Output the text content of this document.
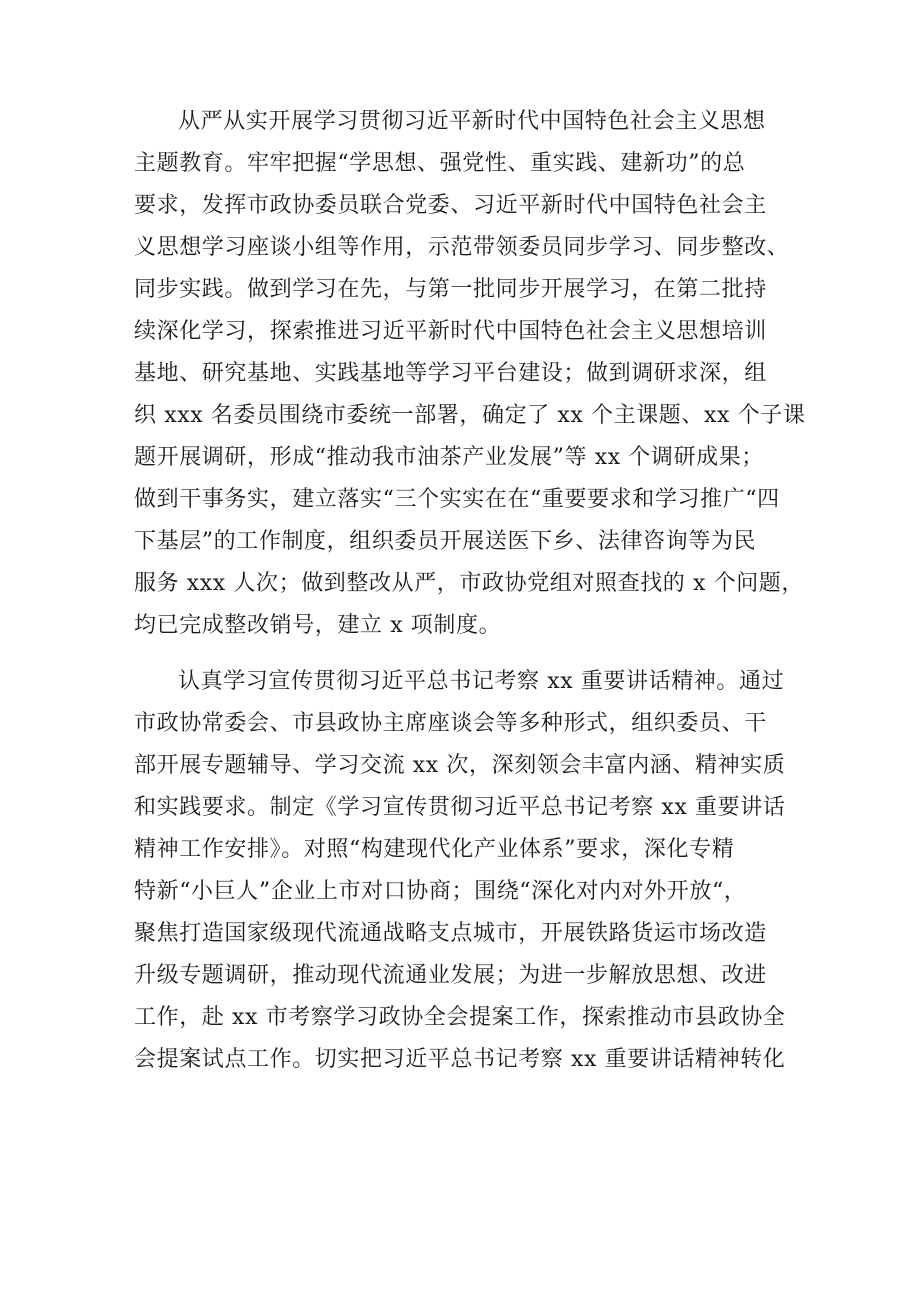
从严从实开展学习贯彻习近平新时代中国特色社会主义思想
主题教育。牢牢把握“学思想、强党性、重实践、建新功”的总
要求，发挥市政协委员联合党委、习近平新时代中国特色社会主
义思想学习座谈小组等作用，示范带领委员同步学习、同步整改、
同步实践。做到学习在先，与第一批同步开展学习，在第二批持
续深化学习，探索推进习近平新时代中国特色社会主义思想培训
基地、研究基地、实践基地等学习平台建设；做到调研求深，组
织 xxx 名委员围绕市委统一部署，确定了 xx 个主课题、xx 个子课
题开展调研，形成“推动我市油茶产业发展”等 xx 个调研成果；
做到干事务实，建立落实“三个实实在在“重要要求和学习推广“四
下基层”的工作制度，组织委员开展送医下乡、法律咨询等为民
服务 xxx 人次；做到整改从严，市政协党组对照查找的 x 个问题，
均已完成整改销号，建立 x 项制度。
认真学习宣传贯彻习近平总书记考察 xx 重要讲话精神。通过
市政协常委会、市县政协主席座谈会等多种形式，组织委员、干
部开展专题辅导、学习交流 xx 次，深刻领会丰富内涵、精神实质
和实践要求。制定《学习宣传贯彻习近平总书记考察 xx 重要讲话
精神工作安排》。对照“构建现代化产业体系”要求，深化专精
特新“小巨人”企业上市对口协商；围绕“深化对内对外开放“，
聚焦打造国家级现代流通战略支点城市，开展铁路货运市场改造
升级专题调研，推动现代流通业发展；为进一步解放思想、改进
工作，赴 xx 市考察学习政协全会提案工作，探索推动市县政协全
会提案试点工作。切实把习近平总书记考察 xx 重要讲话精神转化
